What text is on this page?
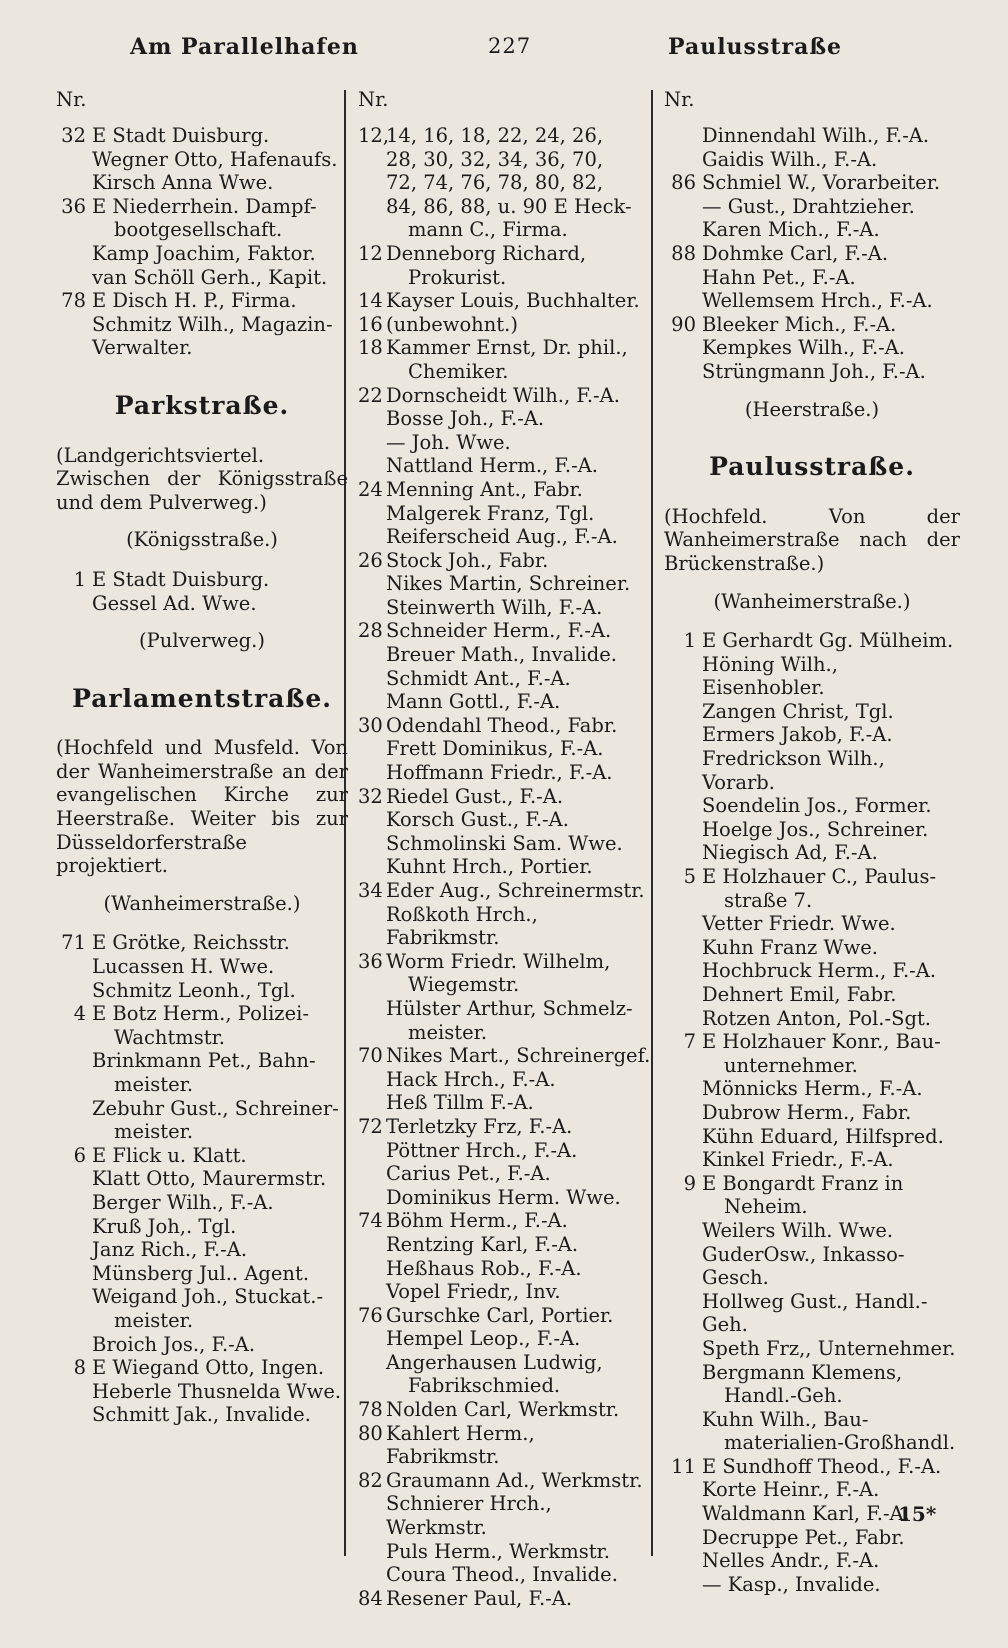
Am Parallelhafen	227	Paulusstraße
Nr.
32 E Stadt Duisburg.
Wegner Otto, Hafenaufs.
Kirsch Anna Wwe.
36 E Niederrhein. Dampf-
bootgesellschaft.
Kamp Joachim, Faktor.
van Schöll Gerh., Kapit.
78 E Disch H. P., Firma.
Schmitz Wilh., Magazin-
Verwalter.
Parkstraße.
(Landgerichtsviertel. Zwischen der Königsstraße und dem Pulverweg.)
(Königsstraße.)
1 E Stadt Duisburg.
Gessel Ad. Wwe.
(Pulverweg.)
Parlamentstraße.
(Hochfeld und Musfeld. Von der Wanheimerstraße an der evangelischen Kirche zur Heerstraße. Weiter bis zur Düsseldorferstraße projektiert.
(Wanheimerstraße.)
71 E Grötke, Reichsstr.
Lucassen H. Wwe.
Schmitz Leonh., Tgl.
4 E Botz Herm., Polizei-
Wachtmstr.
Brinkmann Pet., Bahn-
meister.
Zebuhr Gust., Schreiner-
meister.
6 E Flick u. Klatt.
Klatt Otto, Maurermstr.
Berger Wilh., F.-A.
Kruß Joh,. Tgl.
Janz Rich., F.-A.
Münsberg Jul.. Agent.
Weigand Joh., Stuckat.-
meister.
Broich Jos., F.-A.
8 E Wiegand Otto, Ingen.
Heberle Thusnelda Wwe.
Schmitt Jak., Invalide.
Nr.
12,
14, 16, 18, 22, 24, 26,
28, 30, 32, 34, 36, 70,
72, 74, 76, 78, 80, 82,
84, 86, 88, u. 90 E Heck-
mann C., Firma.
12 Denneborg Richard,
Prokurist.
14 Kayser Louis, Buchhalter.
16 (unbewohnt.)
18 Kammer Ernst, Dr. phil.,
Chemiker.
22 Dornscheidt Wilh., F.-A.
Bosse Joh., F.-A.
— Joh. Wwe.
Nattland Herm., F.-A.
24 Menning Ant., Fabr.
Malgerek Franz, Tgl.
Reiferscheid Aug., F.-A.
26 Stock Joh., Fabr.
Nikes Martin, Schreiner.
Steinwerth Wilh, F.-A.
28 Schneider Herm., F.-A.
Breuer Math., Invalide.
Schmidt Ant., F.-A.
Mann Gottl., F.-A.
30 Odendahl Theod., Fabr.
Frett Dominikus, F.-A.
Hoffmann Friedr., F.-A.
32 Riedel Gust., F.-A.
Korsch Gust., F.-A.
Schmolinski Sam. Wwe.
Kuhnt Hrch., Portier.
34 Eder Aug., Schreinermstr.
Roßkoth Hrch., Fabrikmstr.
36 Worm Friedr. Wilhelm,
Wiegemstr.
Hülster Arthur, Schmelz-
meister.
70 Nikes Mart., Schreinergef.
Hack Hrch., F.-A.
Heß Tillm F.-A.
72 Terletzky Frz, F.-A.
Pöttner Hrch., F.-A.
Carius Pet., F.-A.
Dominikus Herm. Wwe.
74 Böhm Herm., F.-A.
Rentzing Karl, F.-A.
Heßhaus Rob., F.-A.
Vopel Friedr,, Inv.
76 Gurschke Carl, Portier.
Hempel Leop., F.-A.
Angerhausen Ludwig,
Fabrikschmied.
78 Nolden Carl, Werkmstr.
80 Kahlert Herm., Fabrikmstr.
82 Graumann Ad., Werkmstr.
Schnierer Hrch., Werkmstr.
Puls Herm., Werkmstr.
Coura Theod., Invalide.
84 Resener Paul, F.-A.
Nr.
Dinnendahl Wilh., F.-A.
Gaidis Wilh., F.-A.
86 Schmiel W., Vorarbeiter.
— Gust., Drahtzieher.
Karen Mich., F.-A.
88 Dohmke Carl, F.-A.
Hahn Pet., F.-A.
Wellemsem Hrch., F.-A.
90 Bleeker Mich., F.-A.
Kempkes Wilh., F.-A.
Strüngmann Joh., F.-A.
(Heerstraße.)
Paulusstraße.
(Hochfeld. Von der Wanheimerstraße nach der Brückenstraße.)
(Wanheimerstraße.)
1 E Gerhardt Gg. Mülheim.
Höning Wilh., Eisenhobler.
Zangen Christ, Tgl.
Ermers Jakob, F.-A.
Fredrickson Wilh., Vorarb.
Soendelin Jos., Former.
Hoelge Jos., Schreiner.
Niegisch Ad, F.-A.
5 E Holzhauer C., Paulus-
straße 7.
Vetter Friedr. Wwe.
Kuhn Franz Wwe.
Hochbruck Herm., F.-A.
Dehnert Emil, Fabr.
Rotzen Anton, Pol.-Sgt.
7 E Holzhauer Konr., Bau-
unternehmer.
Mönnicks Herm., F.-A.
Dubrow Herm., Fabr.
Kühn Eduard, Hilfspred.
Kinkel Friedr., F.-A.
9 E Bongardt Franz in
Neheim.
Weilers Wilh. Wwe.
GuderOsw., Inkasso-Gesch.
Hollweg Gust., Handl.-Geh.
Speth Frz,, Unternehmer.
Bergmann Klemens,
Handl.-Geh.
Kuhn Wilh., Bau-
materialien-Großhandl.
11 E Sundhoff Theod., F.-A.
Korte Heinr., F.-A.
Waldmann Karl, F.-A.
Decruppe Pet., Fabr.
Nelles Andr., F.-A.
— Kasp., Invalide.
15*
